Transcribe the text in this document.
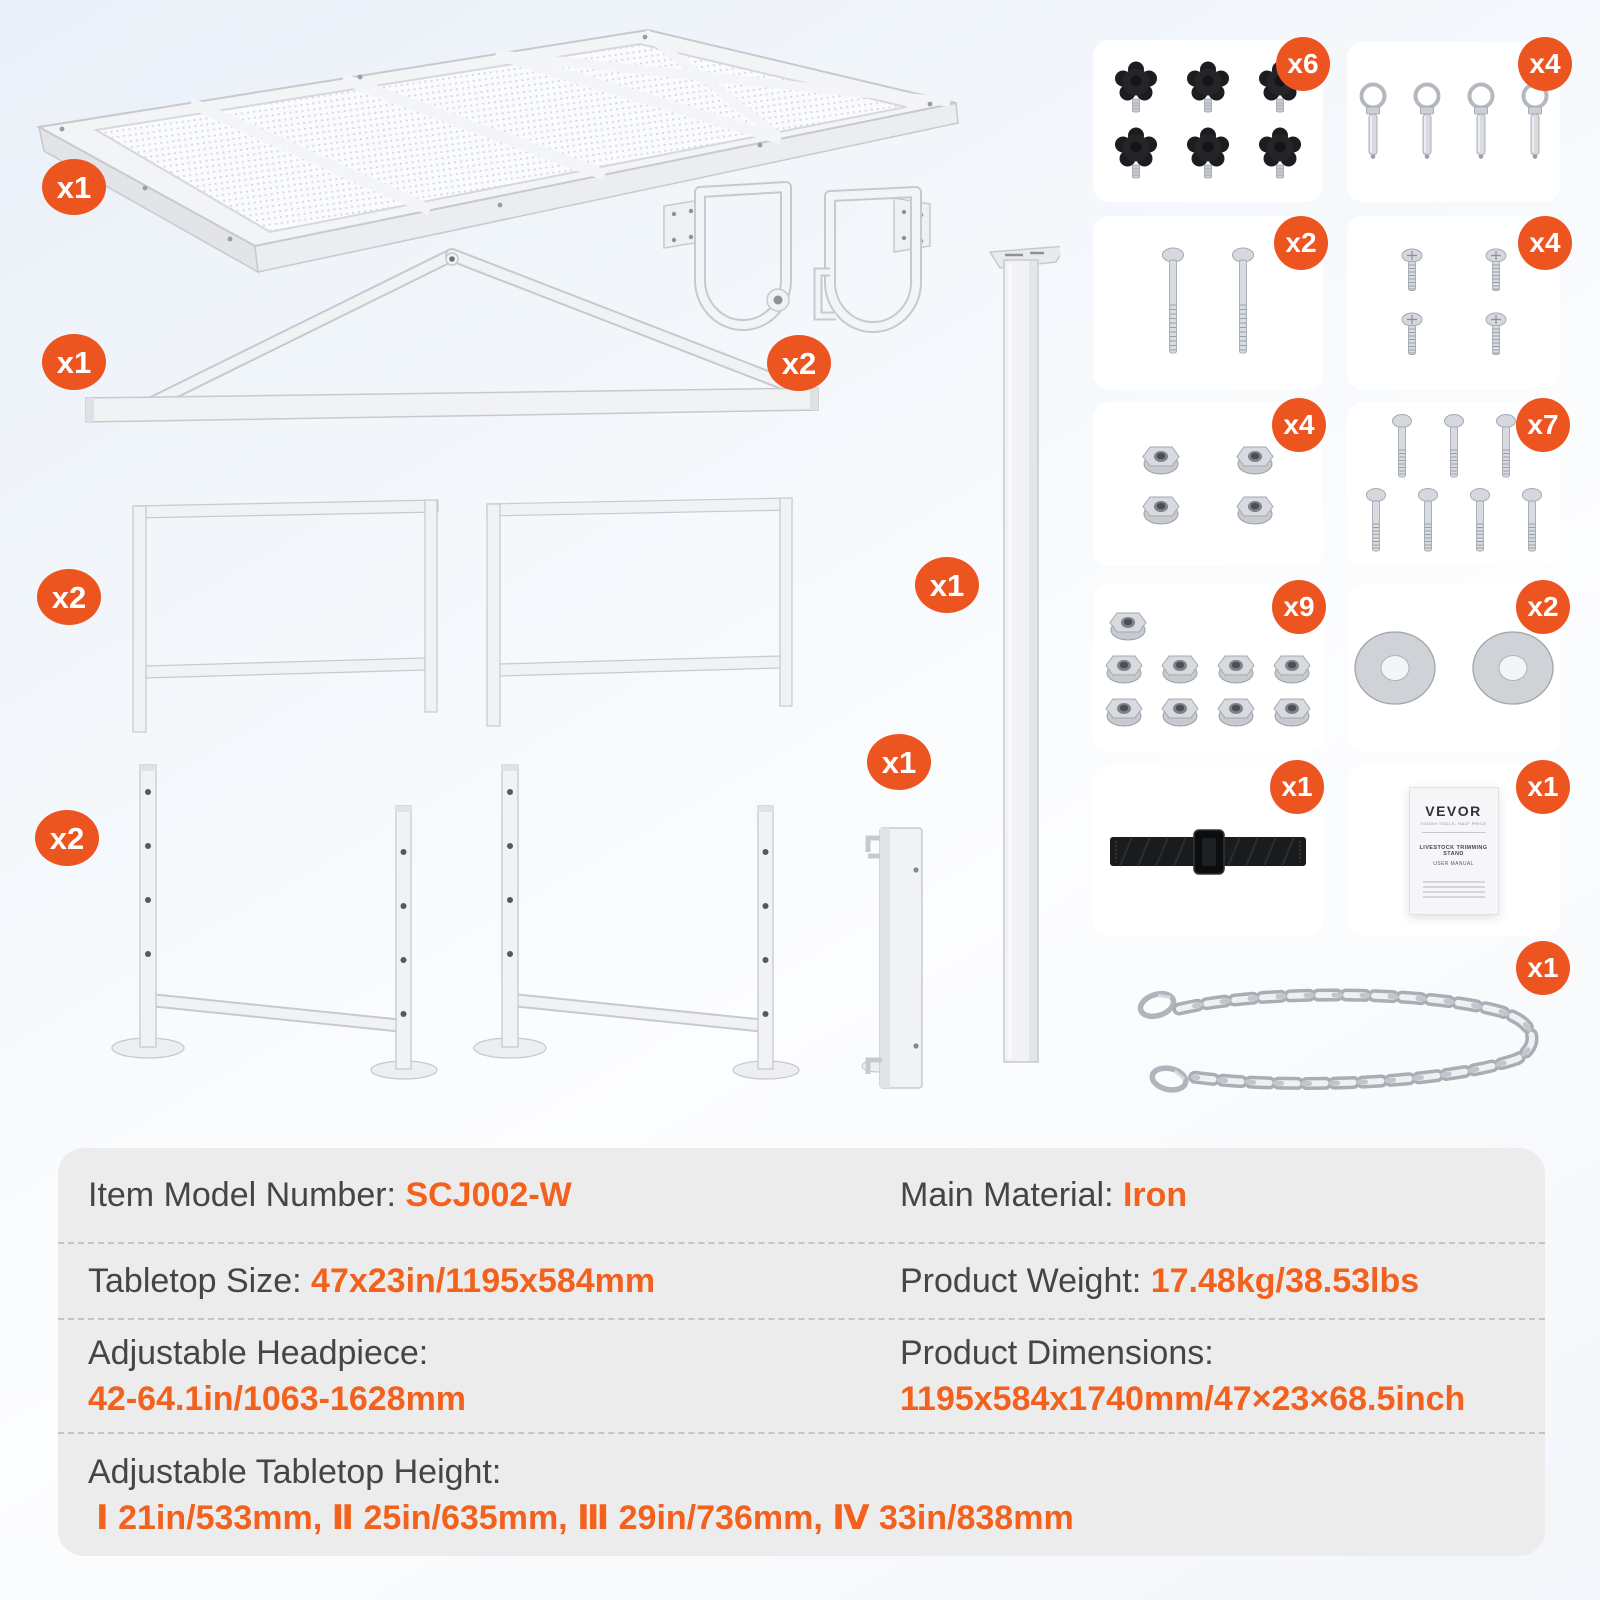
x1
x1	x2
x2
x2
x1
x1
VEVOR
TOUGH TOOLS, HALF PRICE
LIVESTOCK TRIMMING STAND
USER MANUAL
x6	x4
x2	x4
x4	x7
x9	x2
x1	x1
x1
Item Model Number: SCJ002-W	Main Material: Iron
Tabletop Size: 47x23in/1195x584mm	Product Weight: 17.48kg/38.53lbs
Adjustable Headpiece:
42-64.1in/1063-1628mm
Product Dimensions:
1195x584x1740mm/47×23×68.5inch
Adjustable Tabletop Height:
Ⅰ 21in/533mm, Ⅱ 25in/635mm, Ⅲ 29in/736mm, Ⅳ 33in/838mm
